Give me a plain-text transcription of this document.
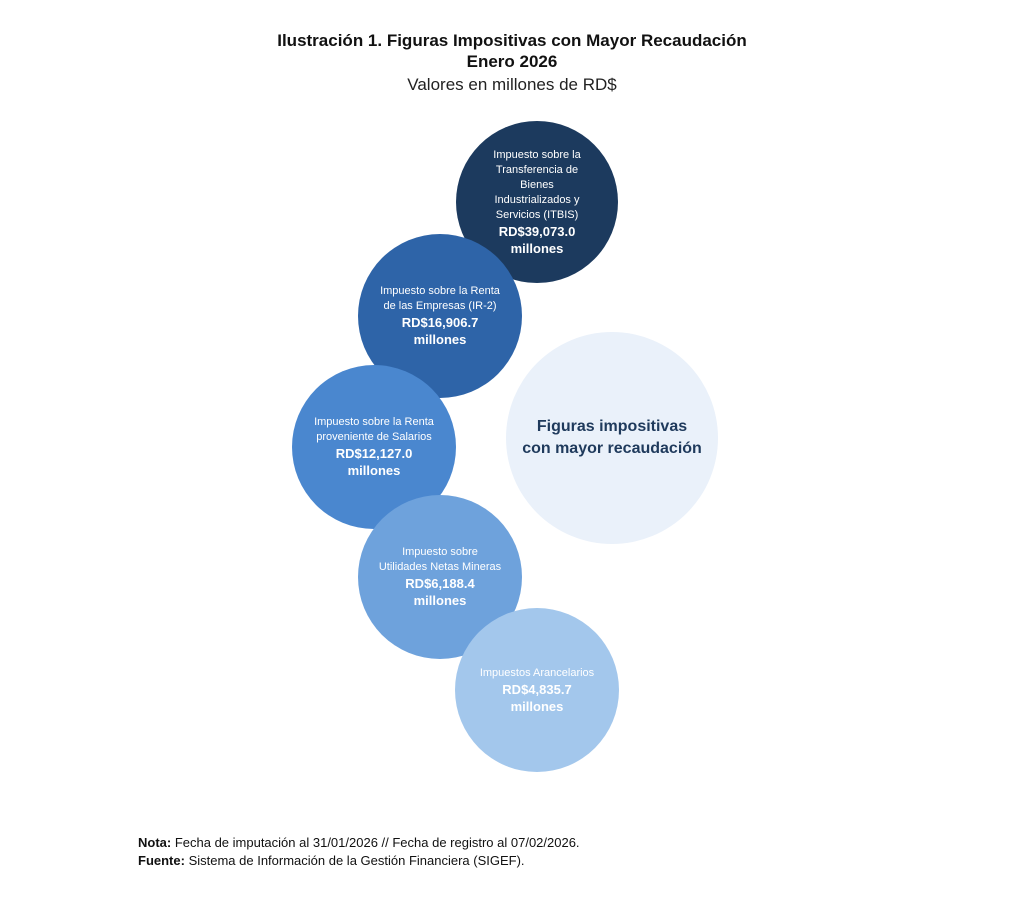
Ilustración 1. Figuras Impositivas con Mayor Recaudación
Enero 2026
Valores en millones de RD$
Impuesto sobre la
Transferencia de Bienes
Industrializados y
Servicios (ITBIS)
RD$39,073.0
millones
Impuesto sobre la Renta
de las Empresas (IR-2)
RD$16,906.7
millones
Impuesto sobre la Renta
proveniente de Salarios
RD$12,127.0
millones
Impuesto sobre
Utilidades Netas Mineras
RD$6,188.4
millones
Impuestos Arancelarios
RD$4,835.7
millones
Figuras impositivas
con mayor recaudación
Nota: Fecha de imputación al 31/01/2026 // Fecha de registro al 07/02/2026.
Fuente: Sistema de Información de la Gestión Financiera (SIGEF).
